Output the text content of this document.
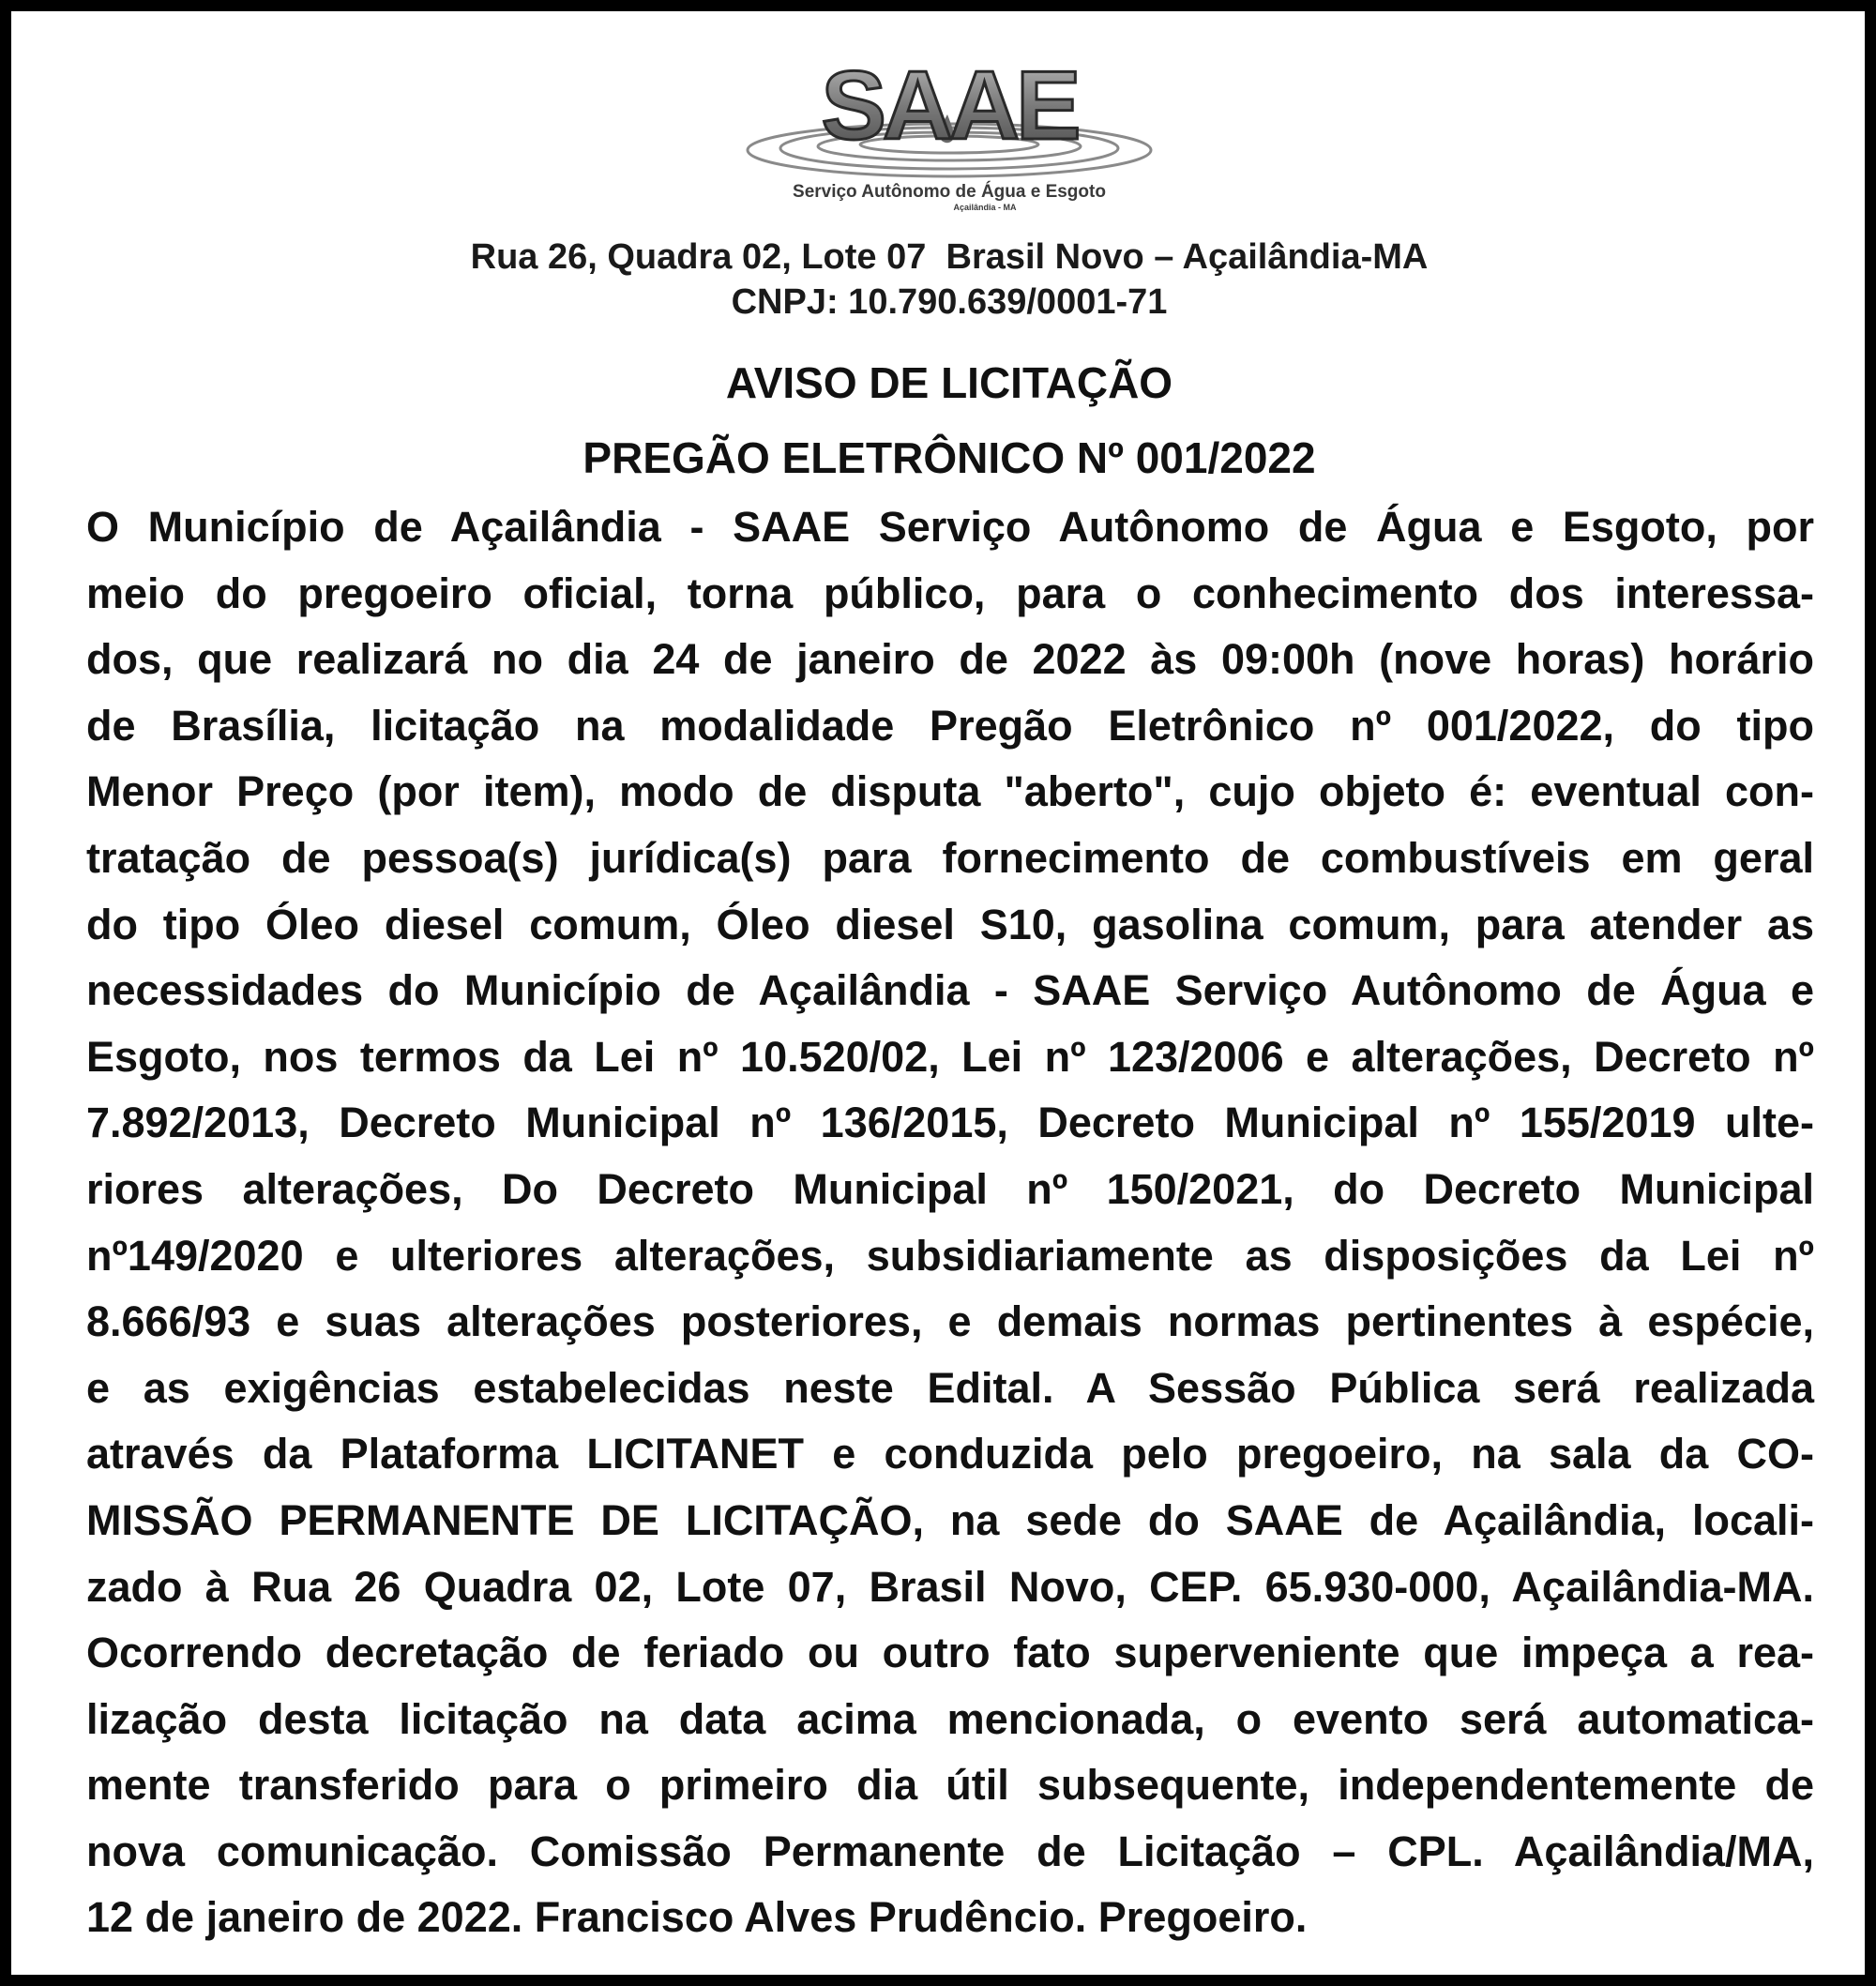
SAAE
Serviço Autônomo de Água e Esgoto
Açailândia - MA
Rua 26, Quadra 02, Lote 07  Brasil Novo – Açailândia-MA
CNPJ: 10.790.639/0001-71
AVISO DE LICITAÇÃO
PREGÃO ELETRÔNICO Nº 001/2022
O Município de Açailândia - SAAE Serviço Autônomo de Água e Esgoto, por
meio do pregoeiro oficial, torna público, para o conhecimento dos interessa-
dos, que realizará no dia 24 de janeiro de 2022 às 09:00h (nove horas) horário
de Brasília, licitação na modalidade Pregão Eletrônico nº 001/2022, do tipo
Menor Preço (por item), modo de disputa "aberto", cujo objeto é: eventual con-
tratação de pessoa(s) jurídica(s) para fornecimento de combustíveis em geral
do tipo Óleo diesel comum, Óleo diesel S10, gasolina comum, para atender as
necessidades do Município de Açailândia - SAAE Serviço Autônomo de Água e
Esgoto, nos termos da Lei nº 10.520/02, Lei nº 123/2006 e alterações, Decreto nº
7.892/2013, Decreto Municipal nº 136/2015, Decreto Municipal nº 155/2019 ulte-
riores alterações, Do Decreto Municipal nº 150/2021, do Decreto Municipal
nº149/2020 e ulteriores alterações, subsidiariamente as disposições da Lei nº
8.666/93 e suas alterações posteriores, e demais normas pertinentes à espécie,
e as exigências estabelecidas neste Edital. A Sessão Pública será realizada
através da Plataforma LICITANET e conduzida pelo pregoeiro, na sala da CO-
MISSÃO PERMANENTE DE LICITAÇÃO, na sede do SAAE de Açailândia, locali-
zado à Rua 26 Quadra 02, Lote 07, Brasil Novo, CEP. 65.930-000, Açailândia-MA.
Ocorrendo decretação de feriado ou outro fato superveniente que impeça a rea-
lização desta licitação na data acima mencionada, o evento será automatica-
mente transferido para o primeiro dia útil subsequente, independentemente de
nova comunicação. Comissão Permanente de Licitação – CPL. Açailândia/MA,
12 de janeiro de 2022. Francisco Alves Prudêncio. Pregoeiro.
